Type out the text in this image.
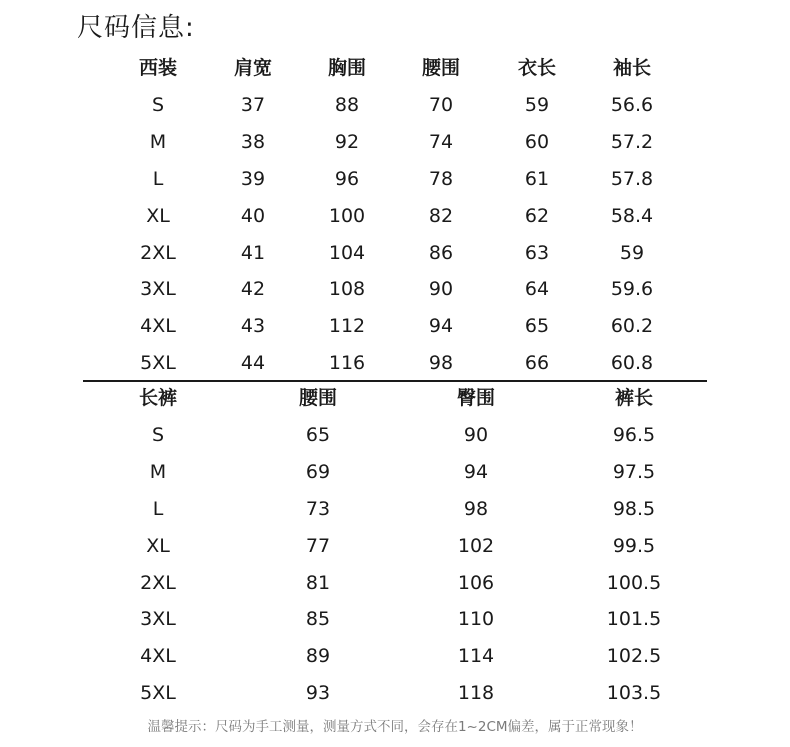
尺码信息:
西装	肩宽	胸围	腰围	衣长	袖长
S	37	88	70	59	56.6
M	38	92	74	60	57.2
L	39	96	78	61	57.8
XL	40	100	82	62	58.4
2XL	41	104	86	63	59
3XL	42	108	90	64	59.6
4XL	43	112	94	65	60.2
5XL	44	116	98	66	60.8
长裤	腰围	臀围	裤长
S	65	90	96.5
M	69	94	97.5
L	73	98	98.5
XL	77	102	99.5
2XL	81	106	100.5
3XL	85	110	101.5
4XL	89	114	102.5
5XL	93	118	103.5
温馨提示：尺码为手工测量，测量方式不同，会存在1~2CM偏差，属于正常现象！
